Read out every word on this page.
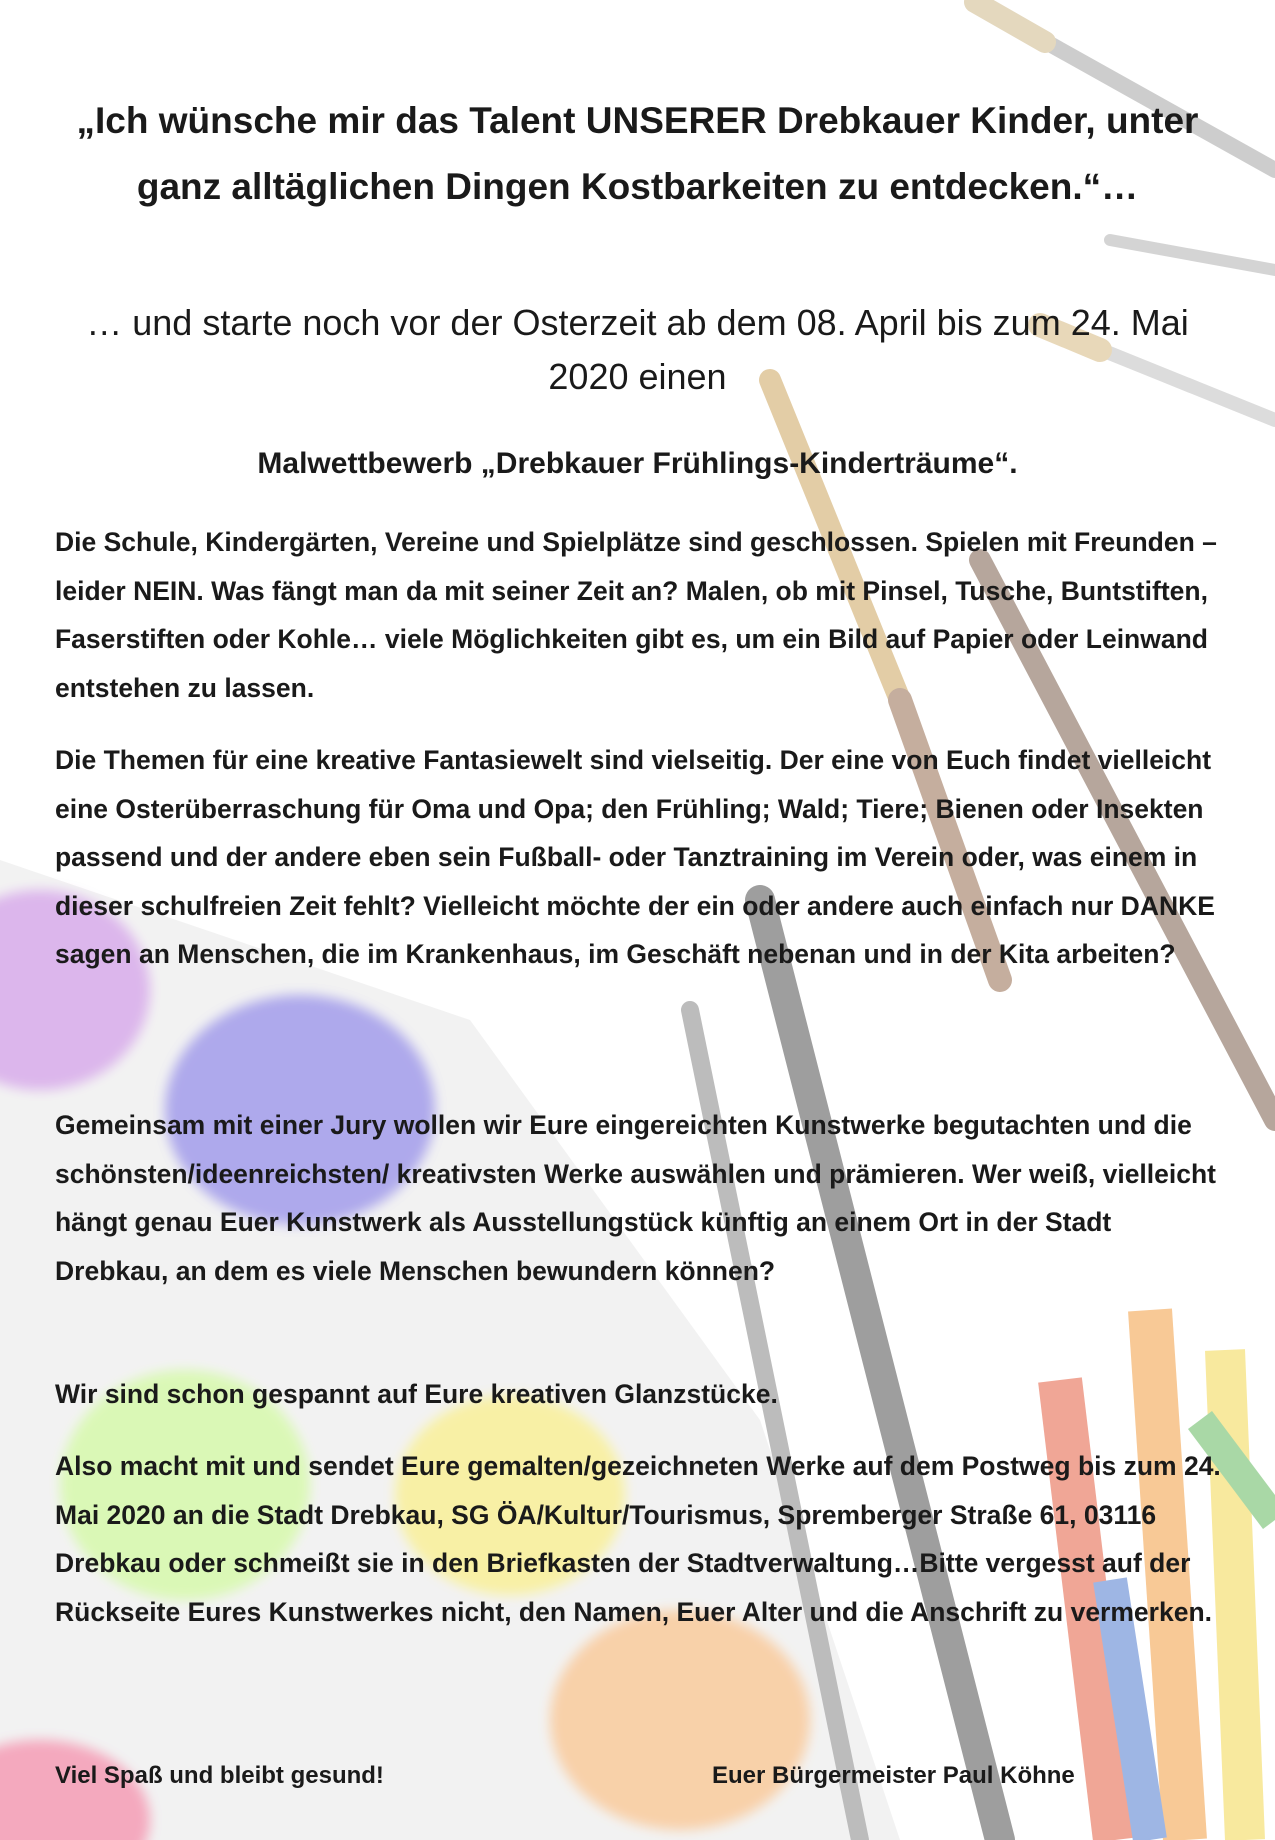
„Ich wünsche mir das Talent UNSERER Drebkauer Kinder, unter ganz alltäglichen Dingen Kostbarkeiten zu entdecken.“…

… und starte noch vor der Osterzeit ab dem 08. April bis zum 24. Mai 2020 einen

Malwettbewerb „Drebkauer Frühlings-Kinderträume“.

Die Schule, Kindergärten, Vereine und Spielplätze sind geschlossen. Spielen mit Freunden – leider NEIN. Was fängt man da mit seiner Zeit an? Malen, ob mit Pinsel, Tusche, Buntstiften, Faserstiften oder Kohle… viele Möglichkeiten gibt es, um ein Bild auf Papier oder Leinwand entstehen zu lassen.

Die Themen für eine kreative Fantasiewelt sind vielseitig. Der eine von Euch findet vielleicht eine Osterüberraschung für Oma und Opa; den Frühling; Wald; Tiere; Bienen oder Insekten passend und der andere eben sein Fußball- oder Tanztraining im Verein oder, was einem in dieser schulfreien Zeit fehlt? Vielleicht möchte der ein oder andere auch einfach nur DANKE sagen an Menschen, die im Krankenhaus, im Geschäft nebenan und in der Kita arbeiten?

Gemeinsam mit einer Jury wollen wir Eure eingereichten Kunstwerke begutachten und die schönsten/ideenreichsten/ kreativsten Werke auswählen und prämieren. Wer weiß, vielleicht hängt genau Euer Kunstwerk als Ausstellungstück künftig an einem Ort in der Stadt Drebkau, an dem es viele Menschen bewundern können?

Wir sind schon gespannt auf Eure kreativen Glanzstücke.

Also macht mit und sendet Eure gemalten/gezeichneten Werke auf dem Postweg bis zum 24. Mai 2020 an die Stadt Drebkau, SG ÖA/Kultur/Tourismus, Spremberger Straße 61, 03116 Drebkau oder schmeißt sie in den Briefkasten der Stadtverwaltung…Bitte vergesst auf der Rückseite Eures Kunstwerkes nicht, den Namen, Euer Alter und die Anschrift zu vermerken.

Viel Spaß und bleibt gesund!	Euer Bürgermeister Paul Köhne
